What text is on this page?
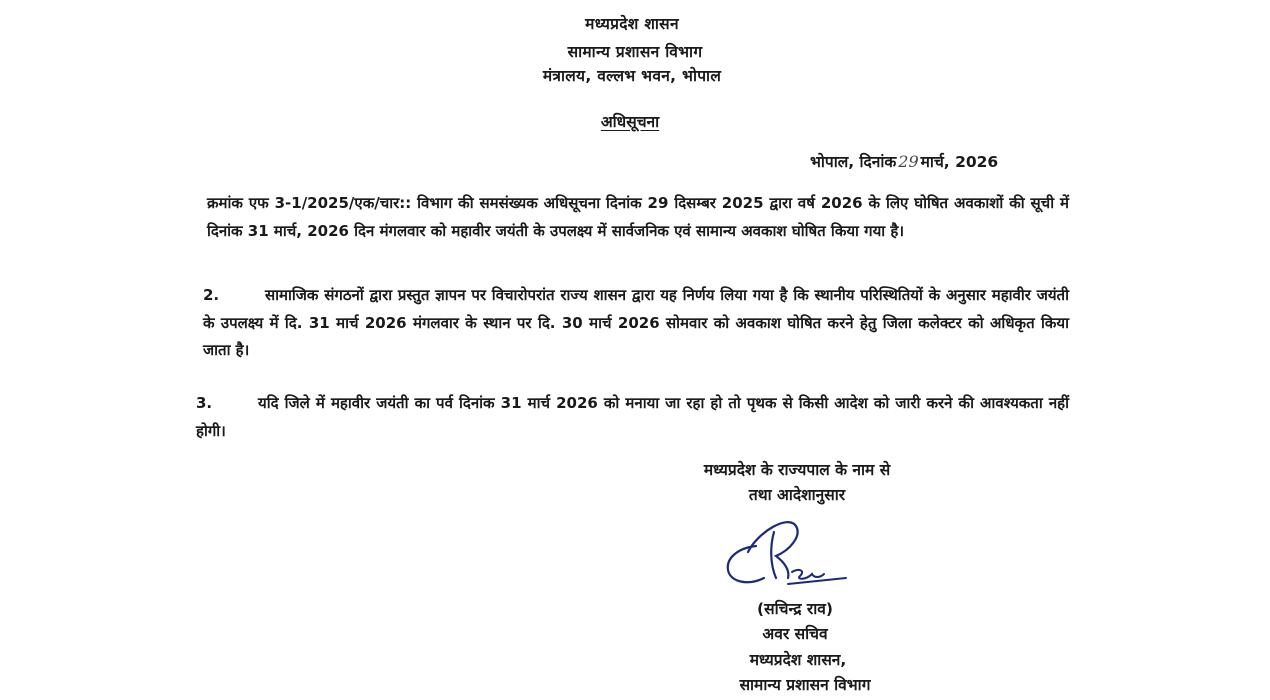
मध्यप्रदेश शासन
सामान्य प्रशासन विभाग
मंत्रालय, वल्लभ भवन, भोपाल
अधिसूचना
भोपाल, दिनांक 29 मार्च, 2026
क्रमांक एफ 3-1/2025/एक/चार:: विभाग की समसंख्यक अधिसूचना दिनांक 29 दिसम्बर 2025 द्वारा वर्ष 2026 के लिए घोषित अवकाशों की सूची में दिनांक 31 मार्च, 2026 दिन मंगलवार को महावीर जयंती के उपलक्ष्य में सार्वजनिक एवं सामान्य अवकाश घोषित किया गया है।
2.	सामाजिक संगठनों द्वारा प्रस्तुत ज्ञापन पर विचारोपरांत राज्य शासन द्वारा यह निर्णय लिया गया है कि स्थानीय परिस्थितियों के अनुसार महावीर जयंती के उपलक्ष्य में दि. 31 मार्च 2026 मंगलवार के स्थान पर दि. 30 मार्च 2026 सोमवार को अवकाश घोषित करने हेतु जिला कलेक्टर को अधिकृत किया जाता है।
3.	यदि जिले में महावीर जयंती का पर्व दिनांक 31 मार्च 2026 को मनाया जा रहा हो तो पृथक से किसी आदेश को जारी करने की आवश्यकता नहीं होगी।
मध्यप्रदेश के राज्यपाल के नाम से
तथा आदेशानुसार
(सचिन्द्र राव)
अवर सचिव
मध्यप्रदेश शासन,
सामान्य प्रशासन विभाग
